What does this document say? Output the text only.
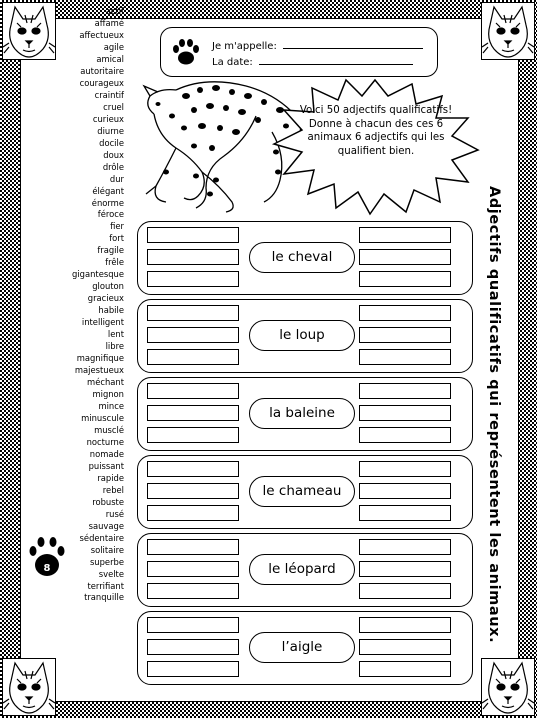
actif
affamé
affectueux
agile
amical
autoritaire
courageux
craintif
cruel
curieux
diurne
docile
doux
drôle
dur
élégant
énorme
féroce
fier
fort
fragile
frêle
gigantesque
glouton
gracieux
habile
intelligent
lent
libre
magnifique
majestueux
méchant
mignon
mince
minuscule
musclé
nocturne
nomade
puissant
rapide
rebel
robuste
rusé
sauvage
sédentaire
solitaire
superbe
svelte
terrifiant
tranquille
Je m'appelle:
La date:
Voici 50 adjectifs qualificatifs! Donne à chacun des ces 6 animaux 6 adjectifs qui les qualifient bien.
Adjectifs qualificatifs qui représentent les animaux.
le cheval
le loup
la baleine
le chameau
le léopard
l’aigle
8
